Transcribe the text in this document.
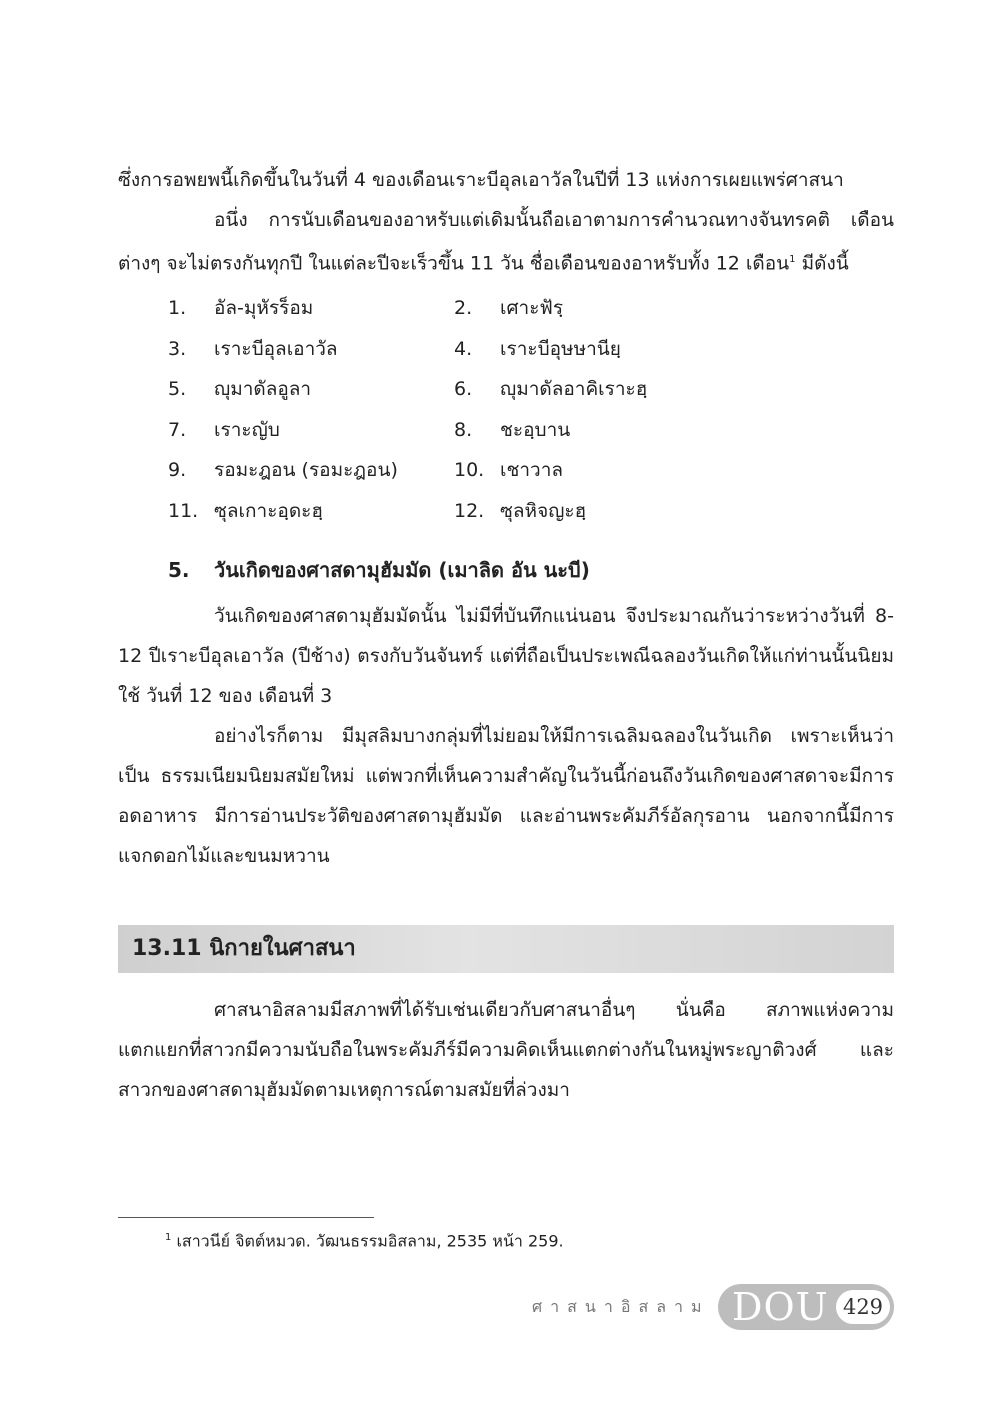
ซึ่งการอพยพนี้เกิดขึ้นในวันที่ 4 ของเดือนเราะบีอุลเอาวัลในปีที่ 13 แห่งการเผยแพร่ศาสนา

อนึ่ง การนับเดือนของอาหรับแต่เดิมนั้นถือเอาตามการคำนวณทางจันทรคติ เดือนต่างๆ จะไม่ตรงกันทุกปี ในแต่ละปีจะเร็วขึ้น 11 วัน ชื่อเดือนของอาหรับทั้ง 12 เดือน$^1$ มีดังนี้

1.	อัล-มุหัรร็อม	2.	เศาะฟัรฺ
3.	เราะบีอุลเอาวัล	4.	เราะบีอุษษานียฺ
5.	ญุมาดัลอูลา	6.	ญุมาดัลอาคิเราะฮฺ
7.	เราะญับ	8.	ชะอฺบาน
9.	รอมะฎอน (รอมะฎอน)	10. เชาวาล
11. ซุลเกาะอฺดะฮฺ	12. ซุลหิจญะฮฺ
5.	วันเกิดของศาสดามุฮัมมัด (เมาลิด อัน นะบี)

วันเกิดของศาสดามุฮัมมัดนั้น ไม่มีที่บันทึกแน่นอน จึงประมาณกันว่าระหว่างวันที่ 8-12 ปีเราะบีอุลเอาวัล (ปีช้าง) ตรงกับวันจันทร์ แต่ที่ถือเป็นประเพณีฉลองวันเกิดให้แก่ท่านนั้นนิยมใช้ วันที่ 12 ของ เดือนที่ 3

อย่างไรก็ตาม มีมุสลิมบางกลุ่มที่ไม่ยอมให้มีการเฉลิมฉลองในวันเกิด เพราะเห็นว่าเป็น ธรรมเนียมนิยมสมัยใหม่ แต่พวกที่เห็นความสำคัญในวันนี้ก่อนถึงวันเกิดของศาสดาจะมีการอดอาหาร มีการอ่านประวัติของศาสดามุฮัมมัด และอ่านพระคัมภีร์อัลกุรอาน นอกจากนี้มีการแจกดอกไม้และขนมหวาน

13.11 นิกายในศาสนา

ศาสนาอิสลามมีสภาพที่ได้รับเช่นเดียวกับศาสนาอื่นๆ นั่นคือ สภาพแห่งความแตกแยกที่สาวกมีความนับถือในพระคัมภีร์มีความคิดเห็นแตกต่างกันในหมู่พระญาติวงศ์ และสาวกของศาสดามุฮัมมัดตามเหตุการณ์ตามสมัยที่ล่วงมา

$^1$ เสาวนีย์ จิตต์หมวด. วัฒนธรรมอิสลาม, 2535 หน้า 259.
ศาสนาอิสลาม DOU 429
